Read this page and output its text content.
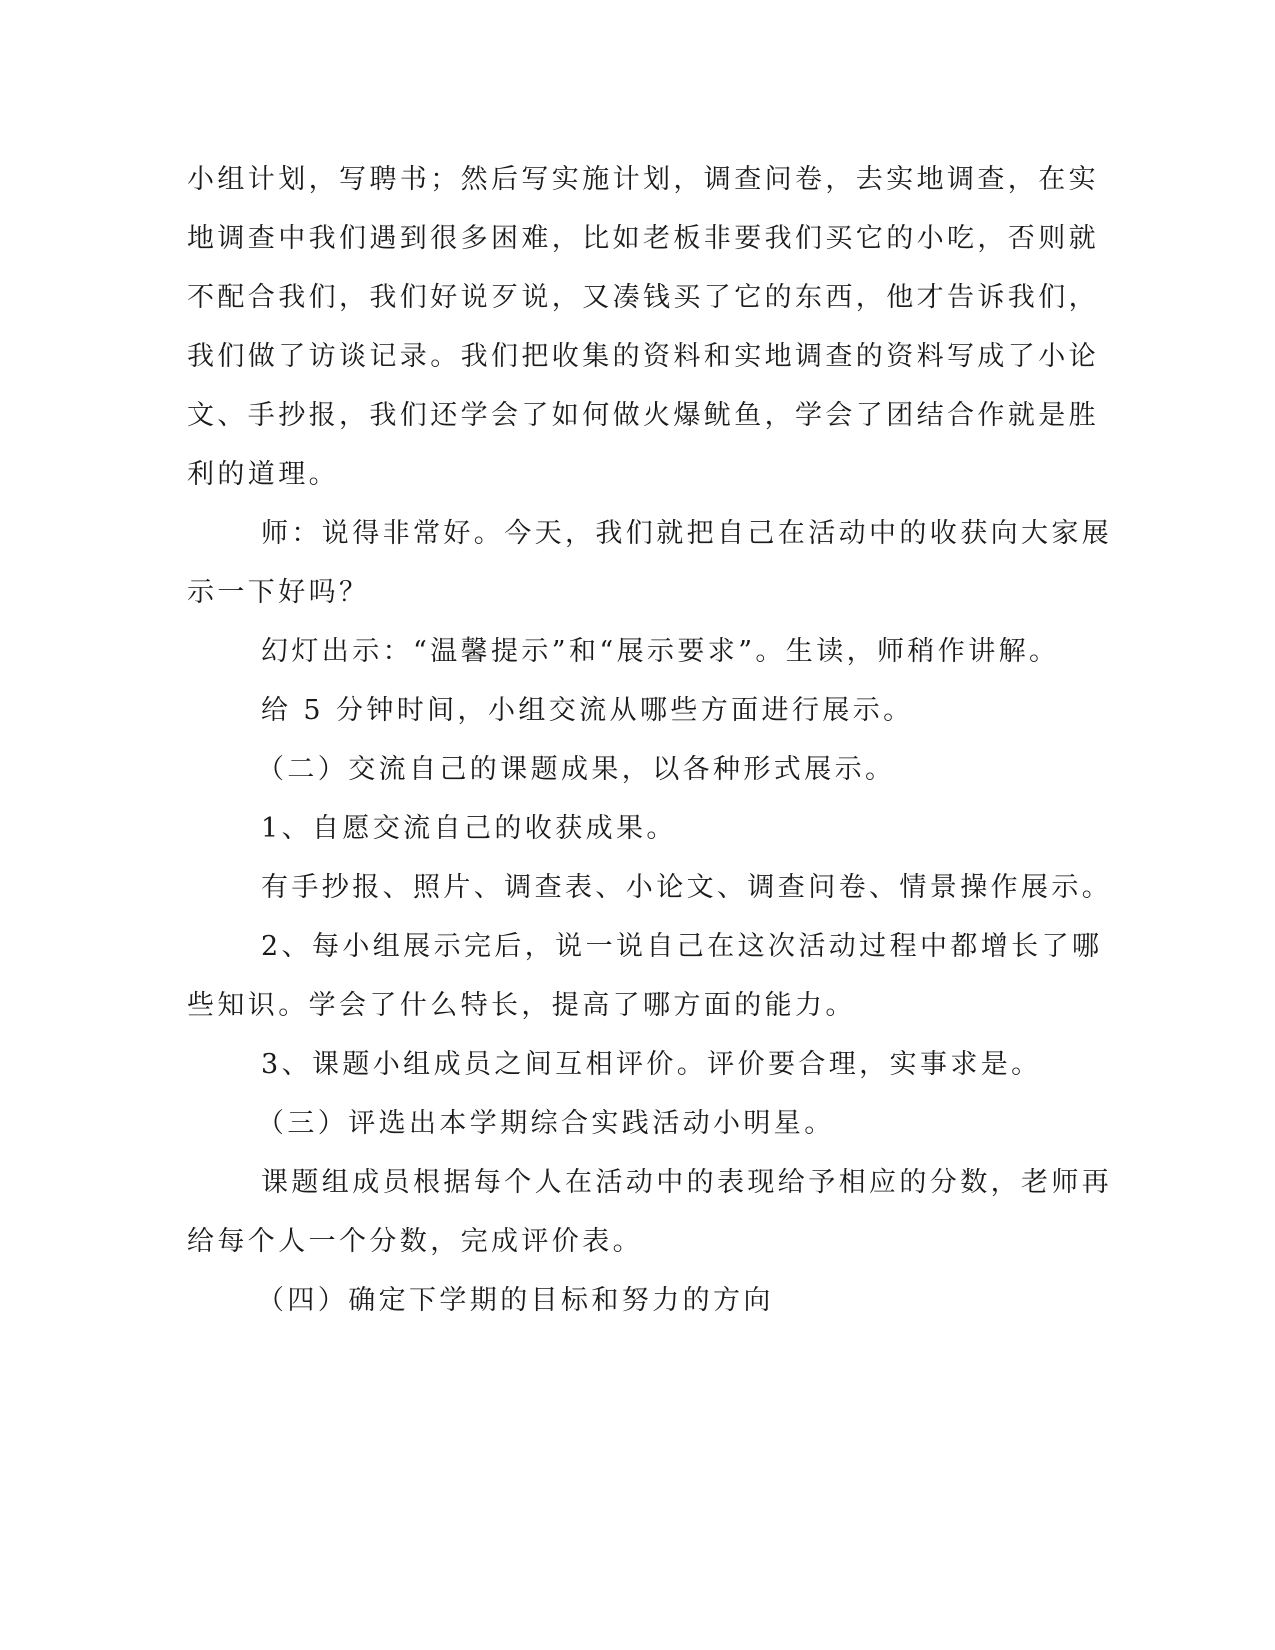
小组计划，写聘书；然后写实施计划，调查问卷，去实地调查，在实
地调查中我们遇到很多困难，比如老板非要我们买它的小吃，否则就
不配合我们，我们好说歹说，又凑钱买了它的东西，他才告诉我们，
我们做了访谈记录。我们把收集的资料和实地调查的资料写成了小论
文、手抄报，我们还学会了如何做火爆鱿鱼，学会了团结合作就是胜
利的道理。
师：说得非常好。今天，我们就把自己在活动中的收获向大家展
示一下好吗？
幻灯出示：“温馨提示”和“展示要求”。生读，师稍作讲解。
给 5 分钟时间，小组交流从哪些方面进行展示。
（二）交流自己的课题成果，以各种形式展示。
1、自愿交流自己的收获成果。
有手抄报、照片、调查表、小论文、调查问卷、情景操作展示。
2、每小组展示完后，说一说自己在这次活动过程中都增长了哪
些知识。学会了什么特长，提高了哪方面的能力。
3、课题小组成员之间互相评价。评价要合理，实事求是。
（三）评选出本学期综合实践活动小明星。
课题组成员根据每个人在活动中的表现给予相应的分数，老师再
给每个人一个分数，完成评价表。
（四）确定下学期的目标和努力的方向
